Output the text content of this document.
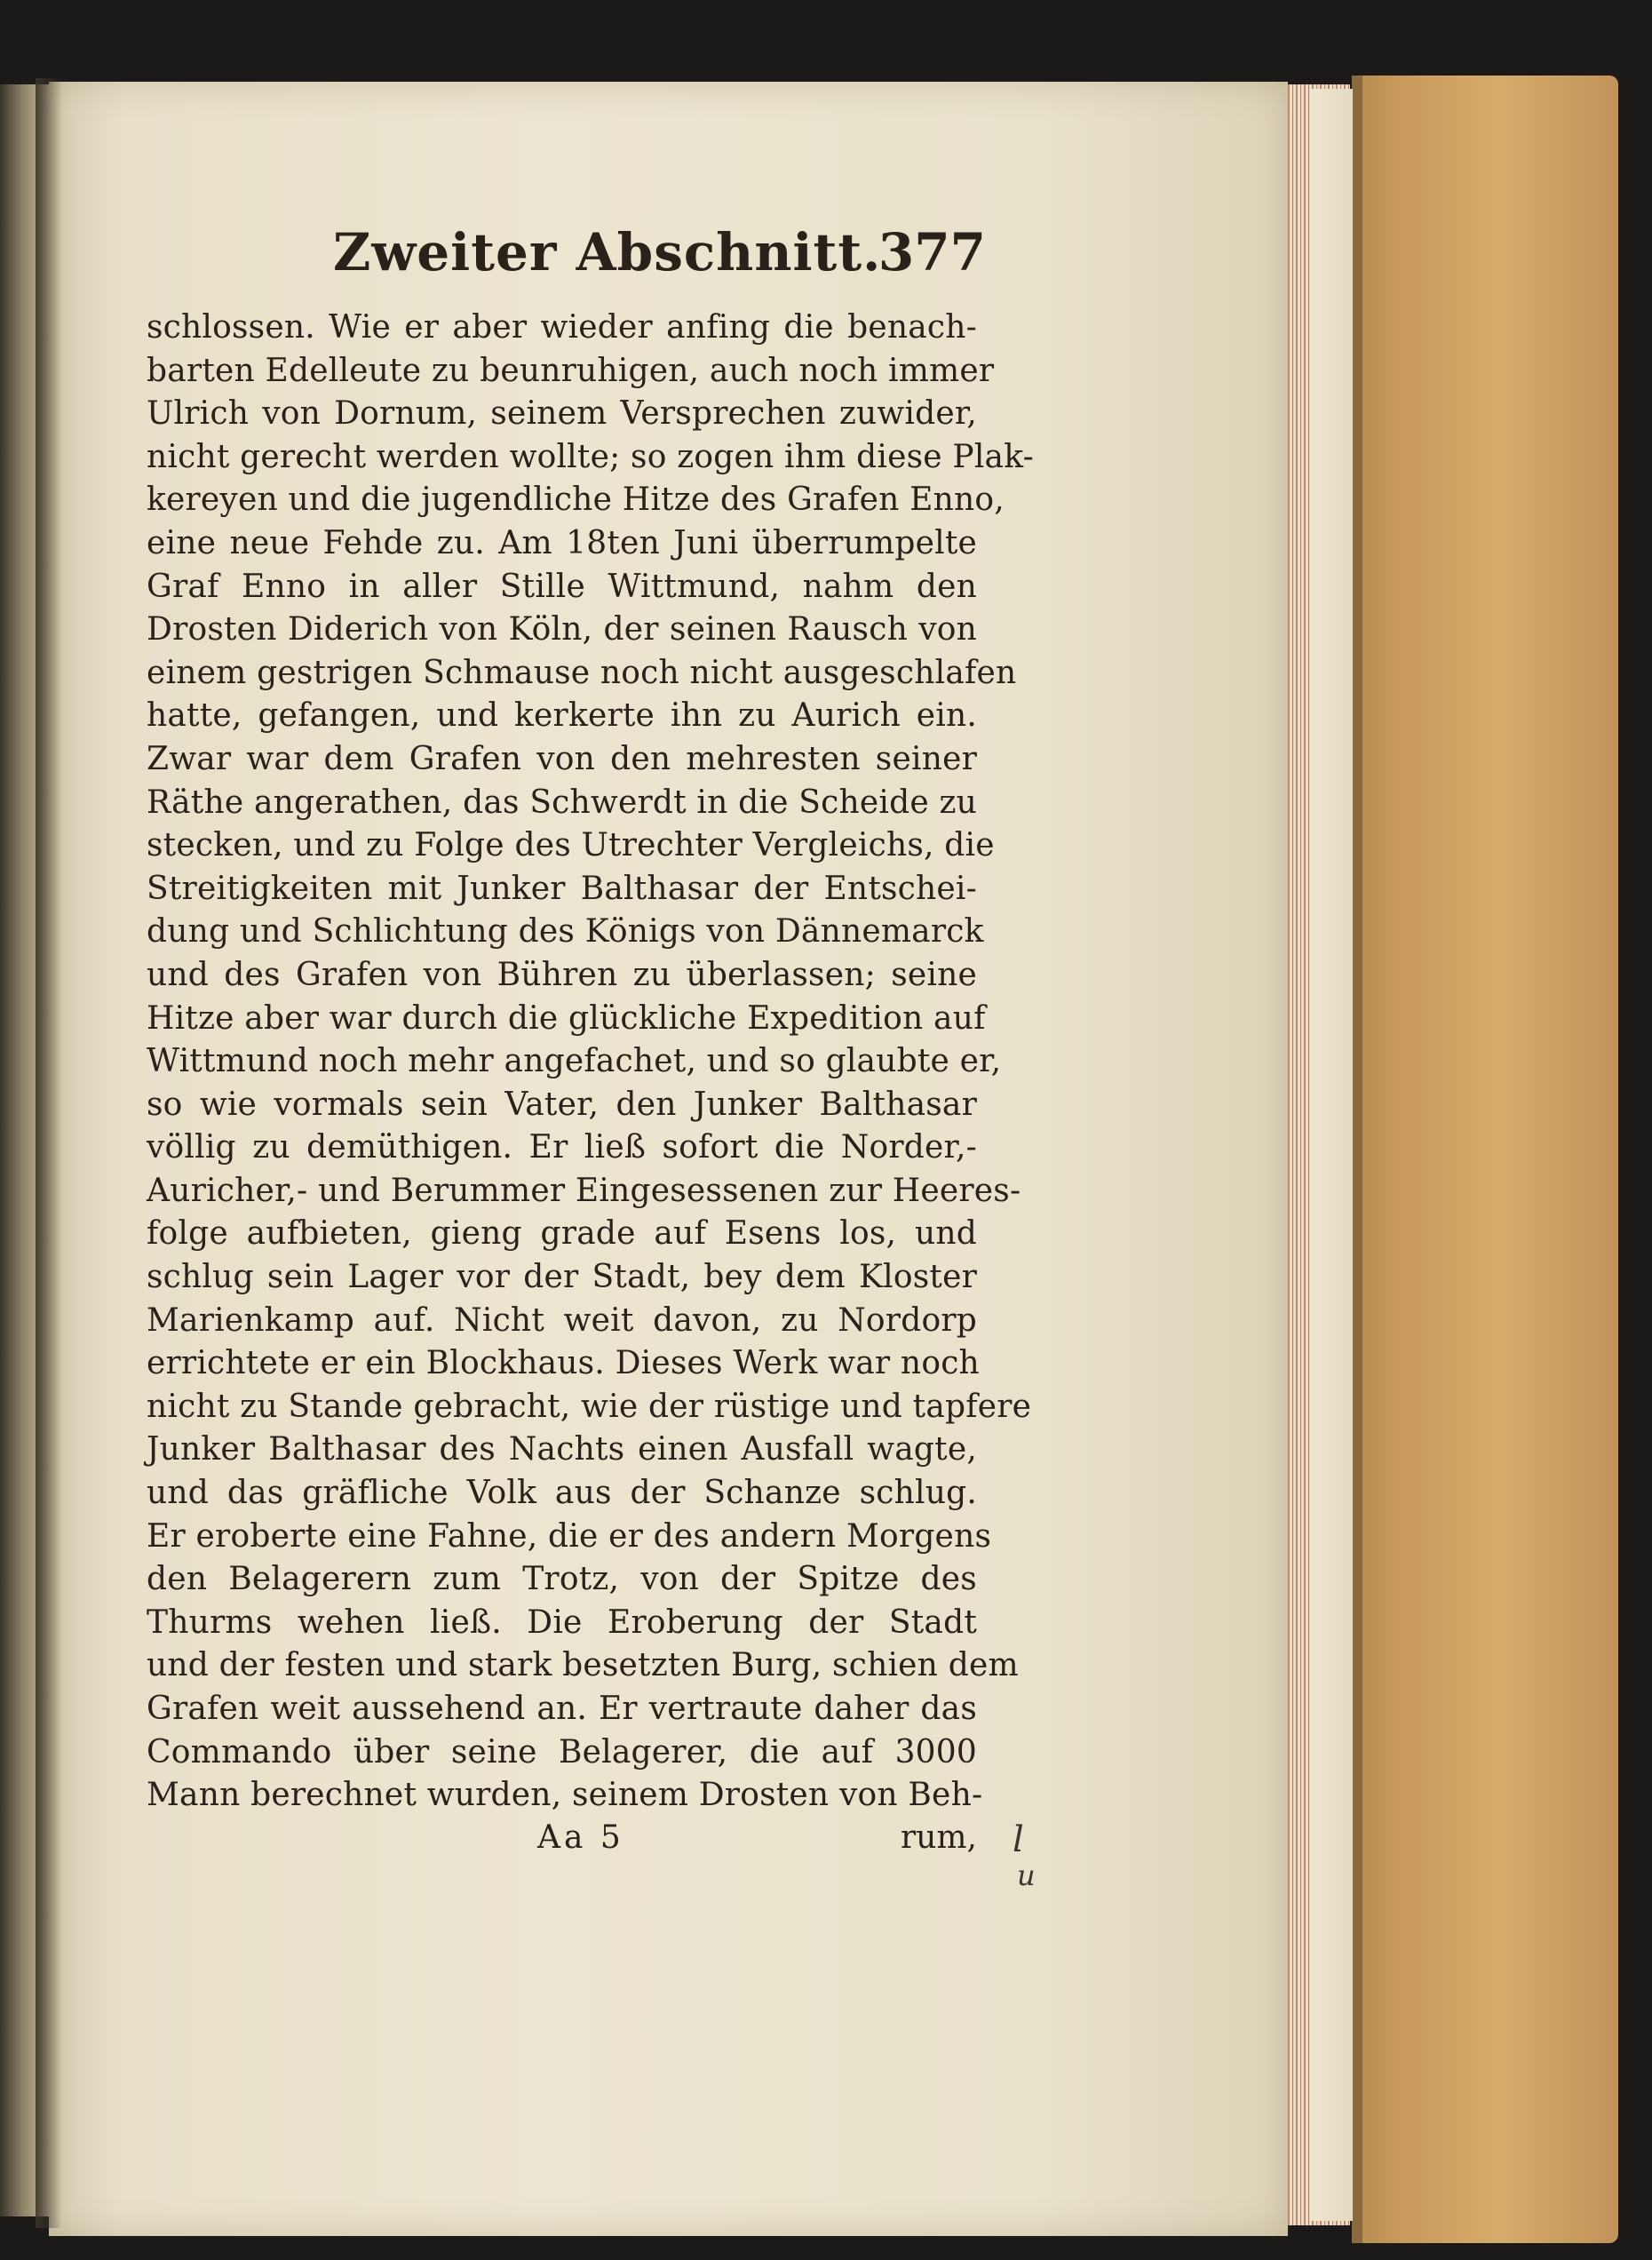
Zweiter Abschnitt.
377
schlossen. Wie er aber wieder anfing die benach-
barten Edelleute zu beunruhigen, auch noch immer
Ulrich von Dornum, seinem Versprechen zuwider,
nicht gerecht werden wollte; so zogen ihm diese Plak-
kereyen und die jugendliche Hitze des Grafen Enno,
eine neue Fehde zu. Am 18ten Juni überrumpelte
Graf Enno in aller Stille Wittmund, nahm den
Drosten Diderich von Köln, der seinen Rausch von
einem gestrigen Schmause noch nicht ausgeschlafen
hatte, gefangen, und kerkerte ihn zu Aurich ein.
Zwar war dem Grafen von den mehresten seiner
Räthe angerathen, das Schwerdt in die Scheide zu
stecken, und zu Folge des Utrechter Vergleichs, die
Streitigkeiten mit Junker Balthasar der Entschei-
dung und Schlichtung des Königs von Dännemarck
und des Grafen von Bühren zu überlassen; seine
Hitze aber war durch die glückliche Expedition auf
Wittmund noch mehr angefachet, und so glaubte er,
so wie vormals sein Vater, den Junker Balthasar
völlig zu demüthigen. Er ließ sofort die Norder,-
Auricher,- und Berummer Eingesessenen zur Heeres-
folge aufbieten, gieng grade auf Esens los, und
schlug sein Lager vor der Stadt, bey dem Kloster
Marienkamp auf. Nicht weit davon, zu Nordorp
errichtete er ein Blockhaus. Dieses Werk war noch
nicht zu Stande gebracht, wie der rüstige und tapfere
Junker Balthasar des Nachts einen Ausfall wagte,
und das gräfliche Volk aus der Schanze schlug.
Er eroberte eine Fahne, die er des andern Morgens
den Belagerern zum Trotz, von der Spitze des
Thurms wehen ließ. Die Eroberung der Stadt
und der festen und stark besetzten Burg, schien dem
Grafen weit aussehend an. Er vertraute daher das
Commando über seine Belagerer, die auf 3000
Mann berechnet wurden, seinem Drosten von Beh-
Aa 5	rum, l
u
